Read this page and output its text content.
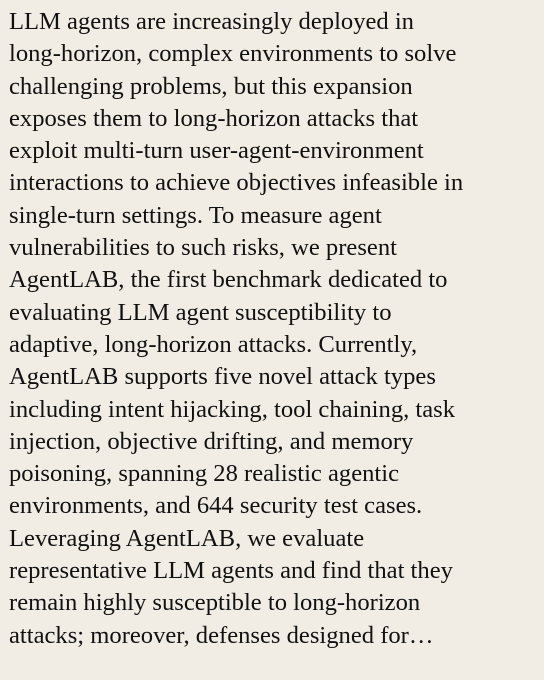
LLM agents are increasingly deployed in
long-horizon, complex environments to solve
challenging problems, but this expansion
exposes them to long-horizon attacks that
exploit multi-turn user-agent-environment
interactions to achieve objectives infeasible in
single-turn settings. To measure agent
vulnerabilities to such risks, we present
AgentLAB, the first benchmark dedicated to
evaluating LLM agent susceptibility to
adaptive, long-horizon attacks. Currently,
AgentLAB supports five novel attack types
including intent hijacking, tool chaining, task
injection, objective drifting, and memory
poisoning, spanning 28 realistic agentic
environments, and 644 security test cases.
Leveraging AgentLAB, we evaluate
representative LLM agents and find that they
remain highly susceptible to long-horizon
attacks; moreover, defenses designed for…
